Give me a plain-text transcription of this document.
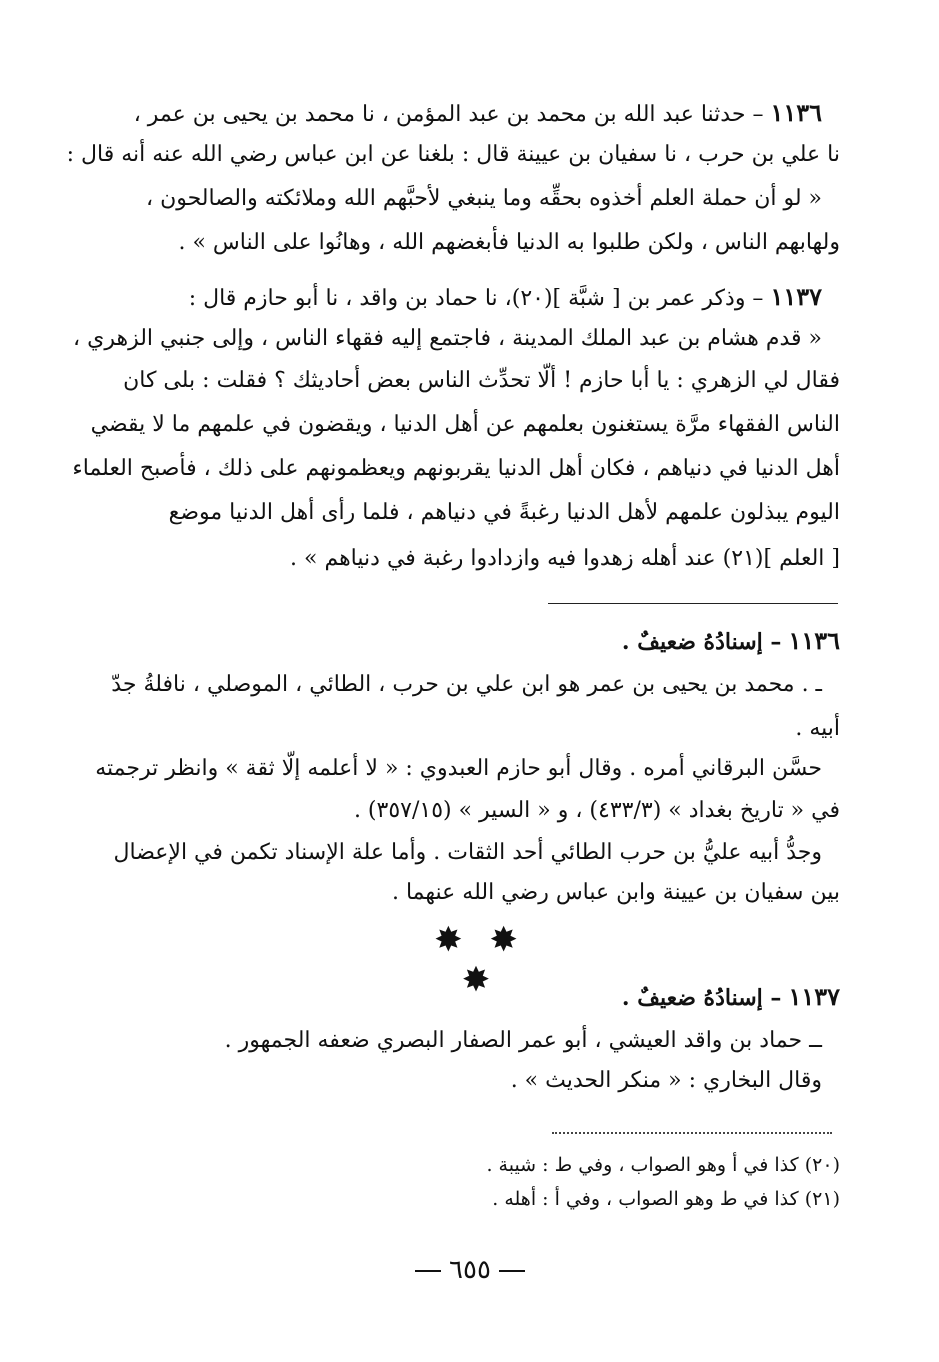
١١٣٦ – حدثنا عبد الله بن محمد بن عبد المؤمن ، نا محمد بن يحيى بن عمر ،
نا علي بن حرب ، نا سفيان بن عيينة قال : بلغنا عن ابن عباس رضي الله عنه أنه قال :
« لو أن حملة العلم أخذوه بحقِّه وما ينبغي لأحبَّهم الله وملائكته والصالحون ،
ولهابهم الناس ، ولكن طلبوا به الدنيا فأبغضهم الله ، وهانُوا على الناس » .
١١٣٧ – وذكر عمر بن [ شبَّة ](٢٠)، نا حماد بن واقد ، نا أبو حازم قال :
« قدم هشام بن عبد الملك المدينة ، فاجتمع إليه فقهاء الناس ، وإلى جنبي الزهري ،
فقال لي الزهري : يا أبا حازم ! ألّا تحدِّث الناس بعض أحاديثك ؟ فقلت : بلى كان
الناس الفقهاء مرَّة يستغنون بعلمهم عن أهل الدنيا ، ويقضون في علمهم ما لا يقضي
أهل الدنيا في دنياهم ، فكان أهل الدنيا يقربونهم ويعظمونهم على ذلك ، فأصبح العلماء
اليوم يبذلون علمهم لأهل الدنيا رغبةً في دنياهم ، فلما رأى أهل الدنيا موضع
[ العلم ](٢١) عند أهله زهدوا فيه وازدادوا رغبة في دنياهم » .
١١٣٦ – إسنادُهُ ضعيفٌ .
ـ . محمد بن يحيى بن عمر هو ابن علي بن حرب ، الطائي ، الموصلي ، نافلةُ جدّ
أبيه .
حسَّن البرقاني أمره . وقال أبو حازم العبدوي : « لا أعلمه إلّا ثقة » وانظر ترجمته
في « تاريخ بغداد » (٤٣٣/٣) ، و « السير » (٣٥٧/١٥) .
وجدُّ أبيه عليُّ بن حرب الطائي أحد الثقات . وأما علة الإسناد تكمن في الإعضال
بين سفيان بن عيينة وابن عباس رضي الله عنهما .
✸ ✸ ✸	١١٣٧ – إسنادُهُ ضعيفٌ .
ــ حماد بن واقد العيشي ، أبو عمر الصفار البصري ضعفه الجمهور .
وقال البخاري : « منكر الحديث » .
(٢٠) كذا في أ وهو الصواب ، وفي ط : شيبة .
(٢١) كذا في ط وهو الصواب ، وفي أ : أهله .
٦٥٥
